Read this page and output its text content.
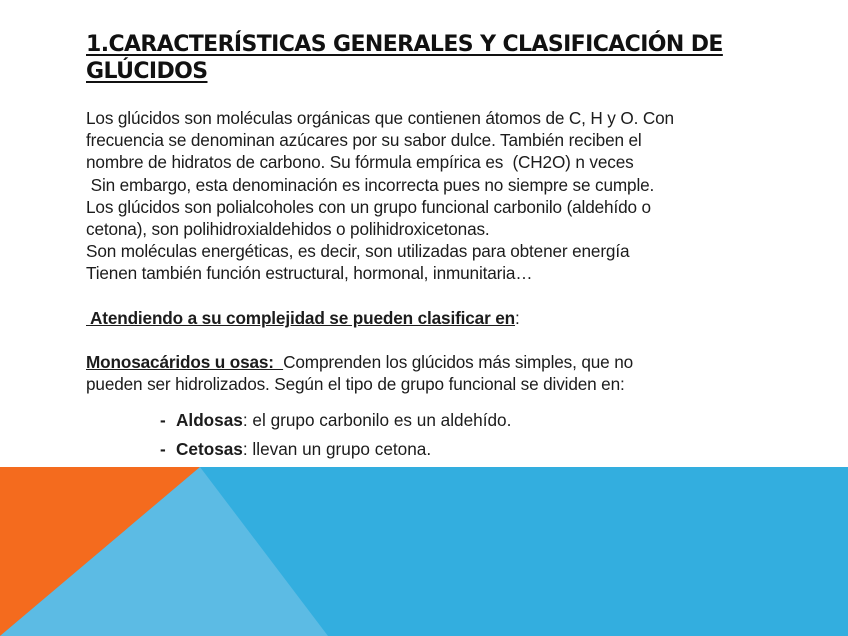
1.CARACTERÍSTICAS GENERALES Y CLASIFICACIÓN DE
GLÚCIDOS
Los glúcidos son moléculas orgánicas que contienen átomos de C, H y O. Con
frecuencia se denominan azúcares por su sabor dulce. También reciben el
nombre de hidratos de carbono. Su fórmula empírica es  (CH2O) n veces
Sin embargo, esta denominación es incorrecta pues no siempre se cumple.
Los glúcidos son polialcoholes con un grupo funcional carbonilo (aldehído o
cetona), son polihidroxialdehidos o polihidroxicetonas.
Son moléculas energéticas, es decir, son utilizadas para obtener energía
Tienen también función estructural, hormonal, inmunitaria…
Atendiendo a su complejidad se pueden clasificar en:
Monosacáridos u osas:  Comprenden los glúcidos más simples, que no
pueden ser hidrolizados. Según el tipo de grupo funcional se dividen en:
- Aldosas: el grupo carbonilo es un aldehído.
- Cetosas: llevan un grupo cetona.
